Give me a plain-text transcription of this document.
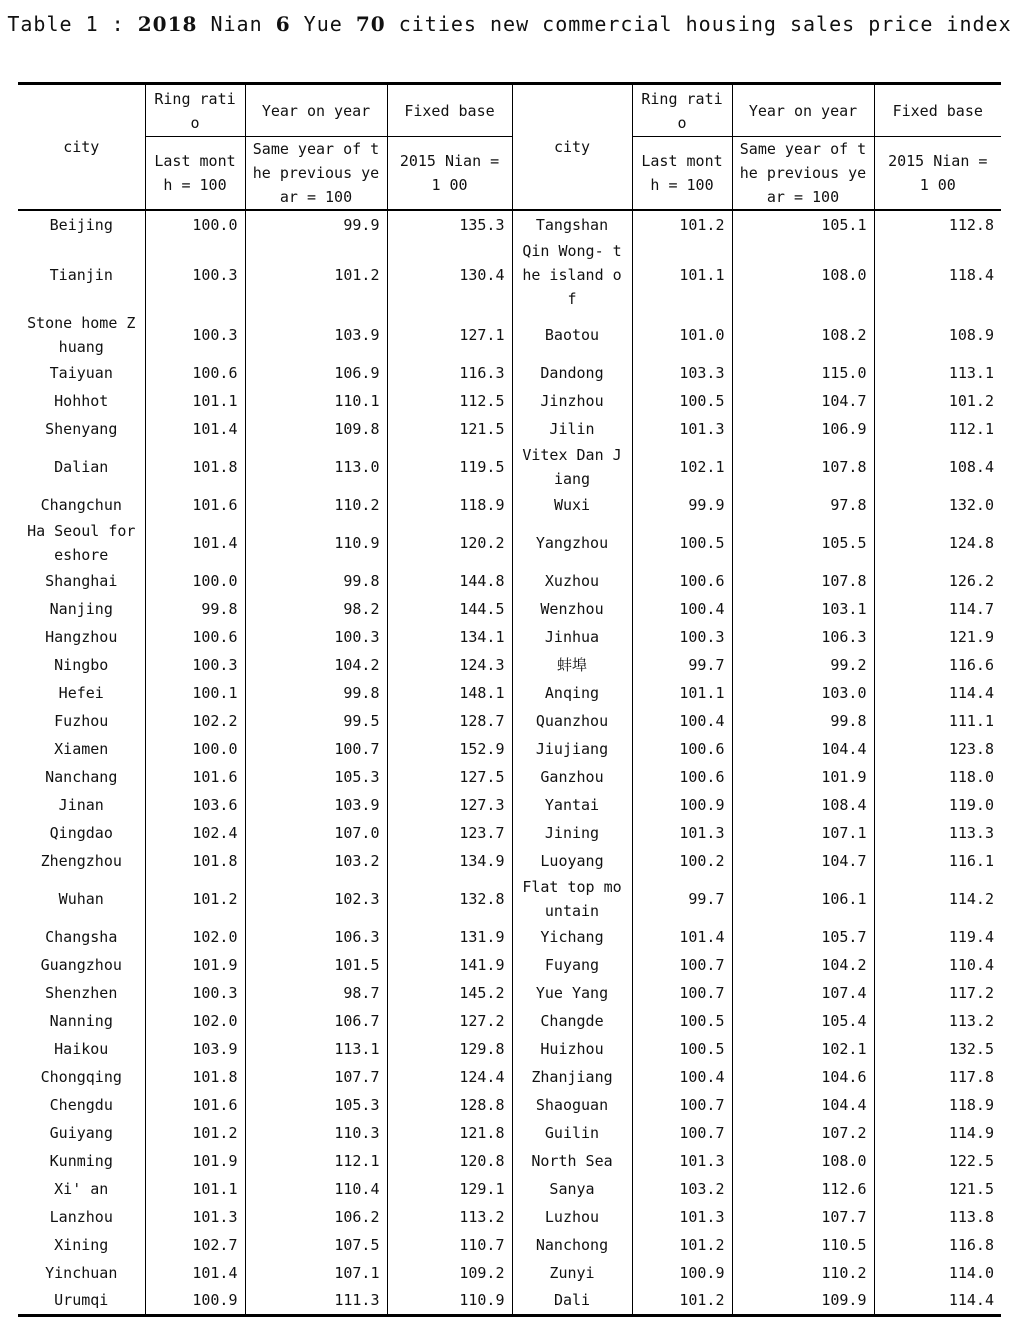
Table 1 : 2018 Nian 6 Yue 70 cities new commercial housing sales price index
city	Ring rati o	Year on year	Fixed base	city	Ring rati o	Year on year	Fixed base
	Last mont h = 100	Same year of t he previous ye ar = 100	2015 Nian = 1 00		Last mont h = 100	Same year of t he previous ye ar = 100	2015 Nian = 1 00
Beijing	100.0	99.9	135.3	Tangshan	101.2	105.1	112.8
Tianjin	100.3	101.2	130.4	Qin Wong- t he island o f	101.1	108.0	118.4
Stone home Z huang	100.3	103.9	127.1	Baotou	101.0	108.2	108.9
Taiyuan	100.6	106.9	116.3	Dandong	103.3	115.0	113.1
Hohhot	101.1	110.1	112.5	Jinzhou	100.5	104.7	101.2
Shenyang	101.4	109.8	121.5	Jilin	101.3	106.9	112.1
Dalian	101.8	113.0	119.5	Vitex Dan J iang	102.1	107.8	108.4
Changchun	101.6	110.2	118.9	Wuxi	99.9	97.8	132.0
Ha Seoul for eshore	101.4	110.9	120.2	Yangzhou	100.5	105.5	124.8
Shanghai	100.0	99.8	144.8	Xuzhou	100.6	107.8	126.2
Nanjing	99.8	98.2	144.5	Wenzhou	100.4	103.1	114.7
Hangzhou	100.6	100.3	134.1	Jinhua	100.3	106.3	121.9
Ningbo	100.3	104.2	124.3	蚌埠	99.7	99.2	116.6
Hefei	100.1	99.8	148.1	Anqing	101.1	103.0	114.4
Fuzhou	102.2	99.5	128.7	Quanzhou	100.4	99.8	111.1
Xiamen	100.0	100.7	152.9	Jiujiang	100.6	104.4	123.8
Nanchang	101.6	105.3	127.5	Ganzhou	100.6	101.9	118.0
Jinan	103.6	103.9	127.3	Yantai	100.9	108.4	119.0
Qingdao	102.4	107.0	123.7	Jining	101.3	107.1	113.3
Zhengzhou	101.8	103.2	134.9	Luoyang	100.2	104.7	116.1
Wuhan	101.2	102.3	132.8	Flat top mo untain	99.7	106.1	114.2
Changsha	102.0	106.3	131.9	Yichang	101.4	105.7	119.4
Guangzhou	101.9	101.5	141.9	Fuyang	100.7	104.2	110.4
Shenzhen	100.3	98.7	145.2	Yue Yang	100.7	107.4	117.2
Nanning	102.0	106.7	127.2	Changde	100.5	105.4	113.2
Haikou	103.9	113.1	129.8	Huizhou	100.5	102.1	132.5
Chongqing	101.8	107.7	124.4	Zhanjiang	100.4	104.6	117.8
Chengdu	101.6	105.3	128.8	Shaoguan	100.7	104.4	118.9
Guiyang	101.2	110.3	121.8	Guilin	100.7	107.2	114.9
Kunming	101.9	112.1	120.8	North Sea	101.3	108.0	122.5
Xi' an	101.1	110.4	129.1	Sanya	103.2	112.6	121.5
Lanzhou	101.3	106.2	113.2	Luzhou	101.3	107.7	113.8
Xining	102.7	107.5	110.7	Nanchong	101.2	110.5	116.8
Yinchuan	101.4	107.1	109.2	Zunyi	100.9	110.2	114.0
Urumqi	100.9	111.3	110.9	Dali	101.2	109.9	114.4
